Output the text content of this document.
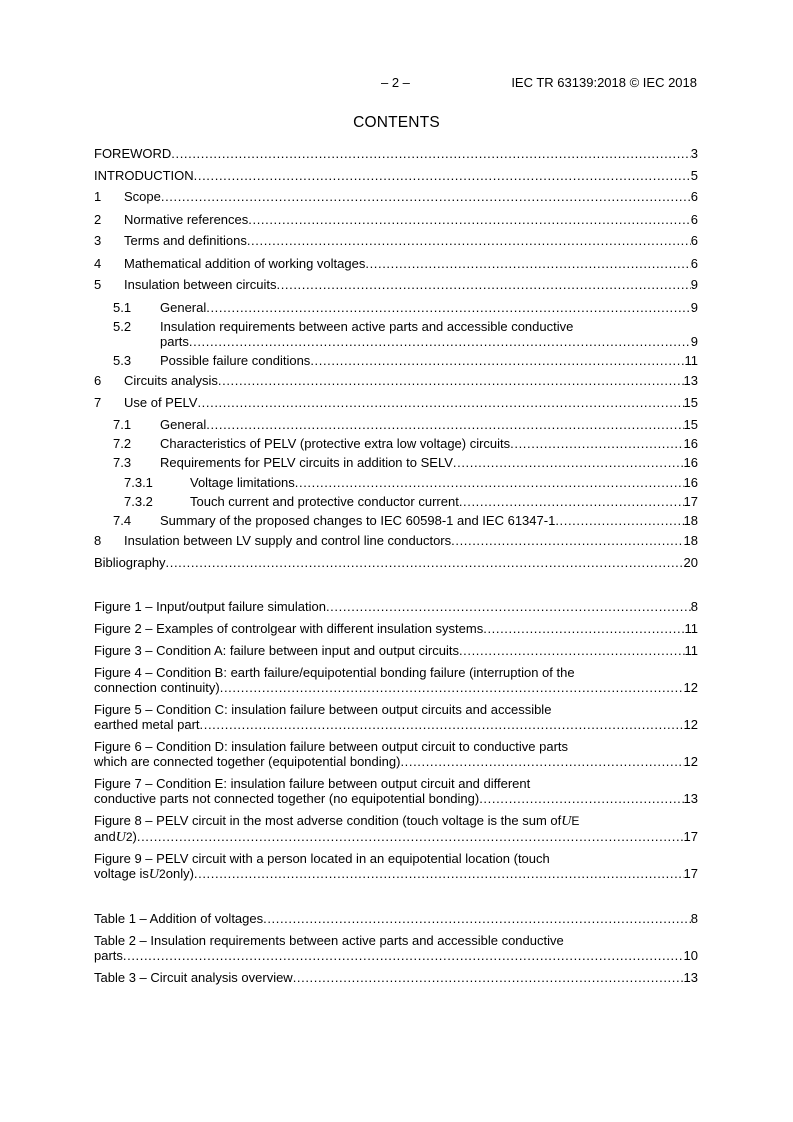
– 2 –	IEC TR 63139:2018 © IEC 2018
CONTENTS
FOREWORD .....	3
INTRODUCTION .....	5
1	Scope .....	6
2	Normative references .....	6
3	Terms and definitions .....	6
4	Mathematical addition of working voltages .....	6
5	Insulation between circuits .....	9
5.1	General .....	9
5.2	Insulation requirements between active parts and accessible conductive
parts .....	9
5.3	Possible failure conditions .....	11
6	Circuits analysis .....	13
7	Use of PELV .....	15
7.1	General .....	15
7.2	Characteristics of PELV (protective extra low voltage) circuits .....	16
7.3	Requirements for PELV circuits in addition to SELV .....	16
7.3.1	Voltage limitations .....	16
7.3.2	Touch current and protective conductor current .....	17
7.4	Summary of the proposed changes to IEC 60598-1 and IEC 61347-1 .....	18
8	Insulation between LV supply and control line conductors .....	18
Bibliography .....	20
Figure 1 – Input/output failure simulation .....	8
Figure 2 – Examples of controlgear with different insulation systems .....	11
Figure 3 – Condition A: failure between input and output circuits .....	11
Figure 4 – Condition B: earth failure/equipotential bonding failure (interruption of the
connection continuity) .....	12
Figure 5 – Condition C: insulation failure between output circuits and accessible
earthed metal part .....	12
Figure 6 – Condition D: insulation failure between output circuit to conductive parts
which are connected together (equipotential bonding) .....	12
Figure 7 – Condition E: insulation failure between output circuit and different
conductive parts not connected together (no equipotential bonding) .....	13
Figure 8 – PELV circuit in the most adverse condition (touch voltage is the sum of U E
and U 2 ) .....	17
Figure 9 – PELV circuit with a person located in an equipotential location (touch
voltage is U 2 only) .....	17
Table 1 – Addition of voltages .....	8
Table 2 – Insulation requirements between active parts and accessible conductive
parts .....	10
Table 3 – Circuit analysis overview .....	13
